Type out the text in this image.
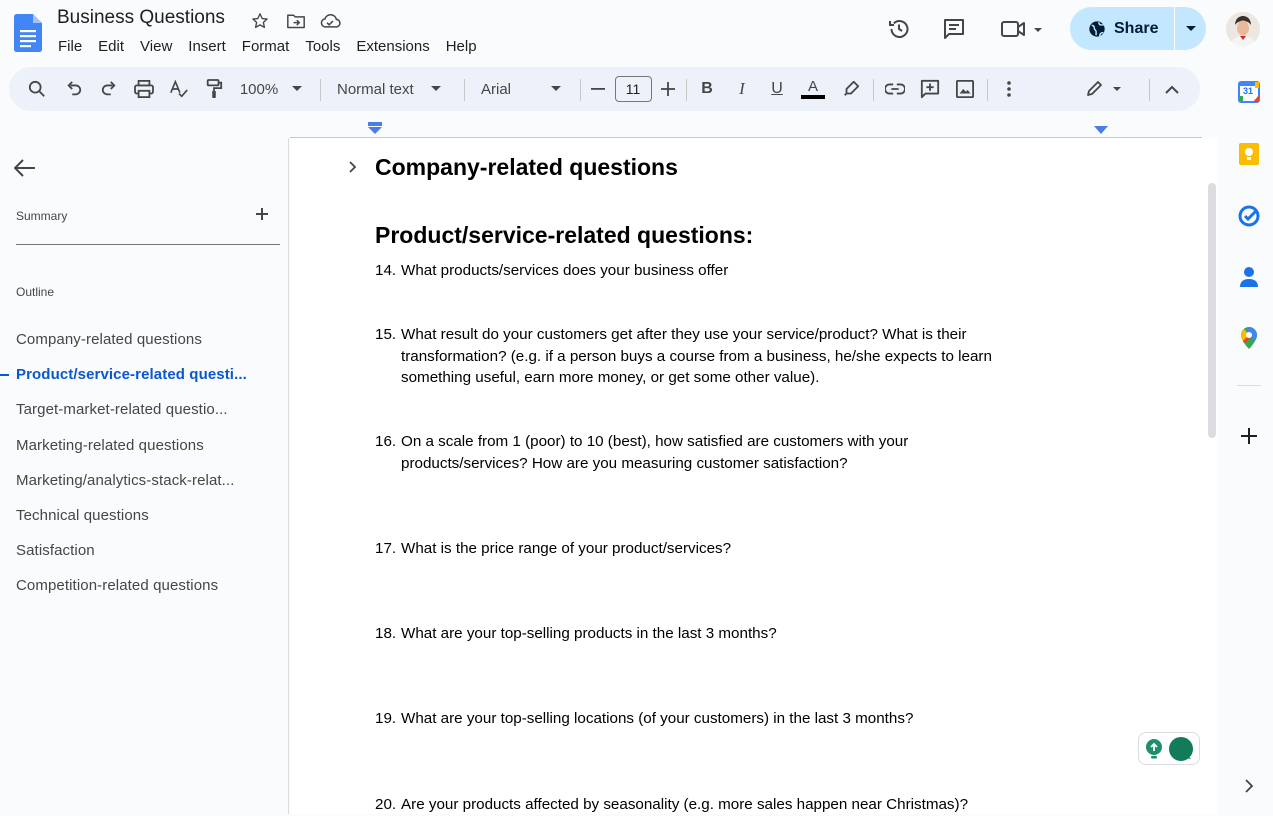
Business Questions
File	Edit	View	Insert	Format	Tools	Extensions	Help
Share
100%	Normal text	Arial	11	B	I	U	A
Summary
Outline
Company-related questions
Product/service-related questi...
Target-market-related questio...
Marketing-related questions
Marketing/analytics-stack-relat...
Technical questions
Satisfaction
Competition-related questions
Company-related questions
Product/service-related questions:
14. What products/services does your business offer
15. What result do your customers get after they use your service/product? What is their transformation? (e.g. if a person buys a course from a business, he/she expects to learn something useful, earn more money, or get some other value).
16. On a scale from 1 (poor) to 10 (best), how satisfied are customers with your products/services? How are you measuring customer satisfaction?
17. What is the price range of your product/services?
18. What are your top-selling products in the last 3 months?
19. What are your top-selling locations (of your customers) in the last 3 months?
20. Are your products affected by seasonality (e.g. more sales happen near Christmas)?
31
